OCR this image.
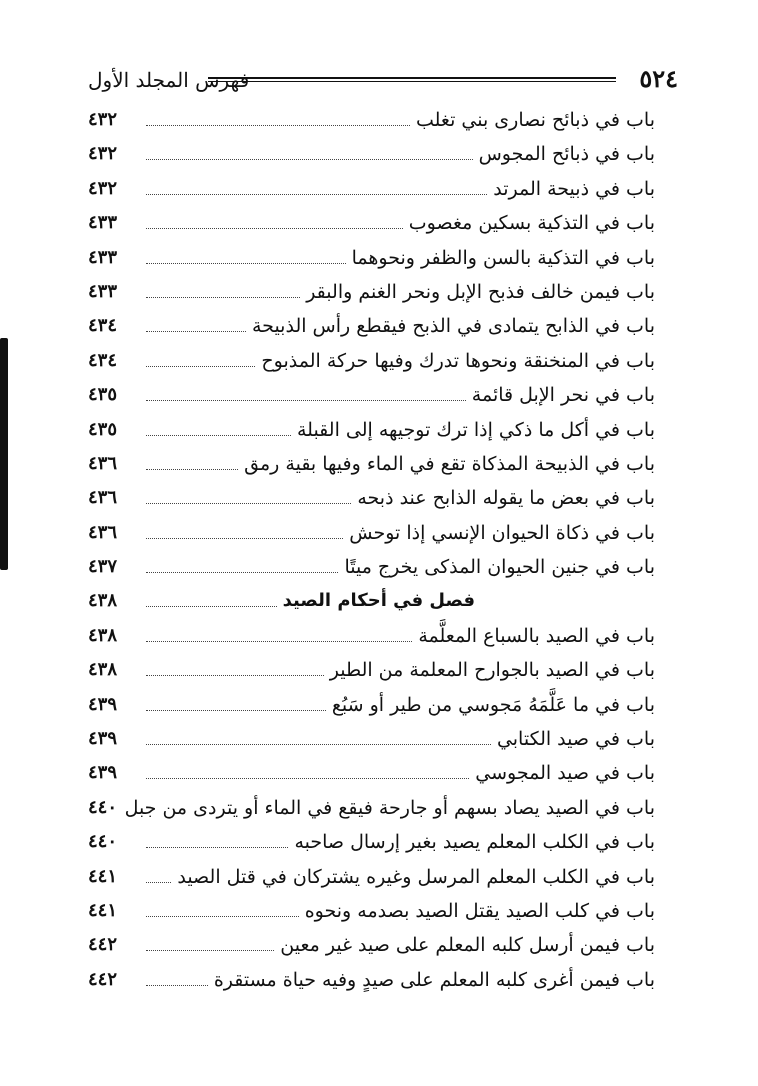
٥٢٤
فهرس المجلد الأول
باب في ذبائح نصارى بني تغلب
٤٣٢
باب في ذبائح المجوس
٤٣٢
باب في ذبيحة المرتد
٤٣٢
باب في التذكية بسكين مغصوب
٤٣٣
باب في التذكية بالسن والظفر ونحوهما
٤٣٣
باب فيمن خالف فذبح الإبل ونحر الغنم والبقر
٤٣٣
باب في الذابح يتمادى في الذبح فيقطع رأس الذبيحة
٤٣٤
باب في المنخنقة ونحوها تدرك وفيها حركة المذبوح
٤٣٤
باب في نحر الإبل قائمة
٤٣٥
باب في أكل ما ذكي إذا ترك توجيهه إلى القبلة
٤٣٥
باب في الذبيحة المذكاة تقع في الماء وفيها بقية رمق
٤٣٦
باب في بعض ما يقوله الذابح عند ذبحه
٤٣٦
باب في ذكاة الحيوان الإنسي إذا توحش
٤٣٦
باب في جنين الحيوان المذكى يخرج ميتًا
٤٣٧
فصل في أحكام الصيد
٤٣٨
باب في الصيد بالسباع المعلَّمة
٤٣٨
باب في الصيد بالجوارح المعلمة من الطير
٤٣٨
باب في ما عَلَّمَهُ مَجوسي من طير أو سَبُع
٤٣٩
باب في صيد الكتابي
٤٣٩
باب في صيد المجوسي
٤٣٩
باب في الصيد يصاد بسهم أو جارحة فيقع في الماء أو يتردى من جبل
٤٤٠
باب في الكلب المعلم يصيد بغير إرسال صاحبه
٤٤٠
باب في الكلب المعلم المرسل وغيره يشتركان في قتل الصيد
٤٤١
باب في كلب الصيد يقتل الصيد بصدمه ونحوه
٤٤١
باب فيمن أرسل كلبه المعلم على صيد غير معين
٤٤٢
باب فيمن أغرى كلبه المعلم على صيدٍ وفيه حياة مستقرة
٤٤٢
